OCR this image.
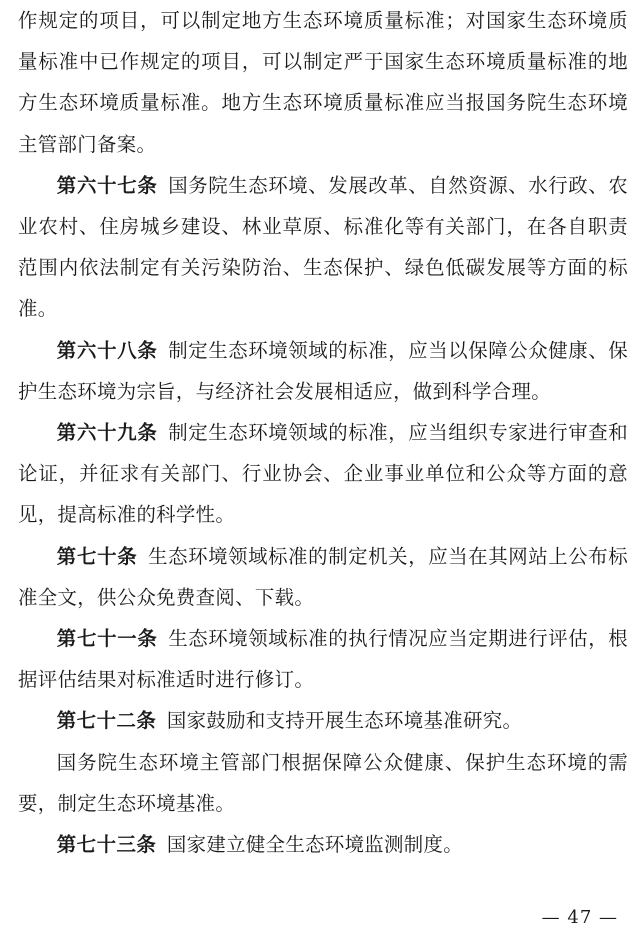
作规定的项目，可以制定地方生态环境质量标准；对国家生态环境质量标准中已作规定的项目，可以制定严于国家生态环境质量标准的地方生态环境质量标准。地方生态环境质量标准应当报国务院生态环境主管部门备案。

第六十七条 国务院生态环境、发展改革、自然资源、水行政、农业农村、住房城乡建设、林业草原、标准化等有关部门，在各自职责范围内依法制定有关污染防治、生态保护、绿色低碳发展等方面的标准。

第六十八条 制定生态环境领域的标准，应当以保障公众健康、保护生态环境为宗旨，与经济社会发展相适应，做到科学合理。

第六十九条 制定生态环境领域的标准，应当组织专家进行审查和论证，并征求有关部门、行业协会、企业事业单位和公众等方面的意见，提高标准的科学性。

第七十条 生态环境领域标准的制定机关，应当在其网站上公布标准全文，供公众免费查阅、下载。

第七十一条 生态环境领域标准的执行情况应当定期进行评估，根据评估结果对标准适时进行修订。

第七十二条 国家鼓励和支持开展生态环境基准研究。

国务院生态环境主管部门根据保障公众健康、保护生态环境的需要，制定生态环境基准。

第七十三条 国家建立健全生态环境监测制度。

— 47 —
